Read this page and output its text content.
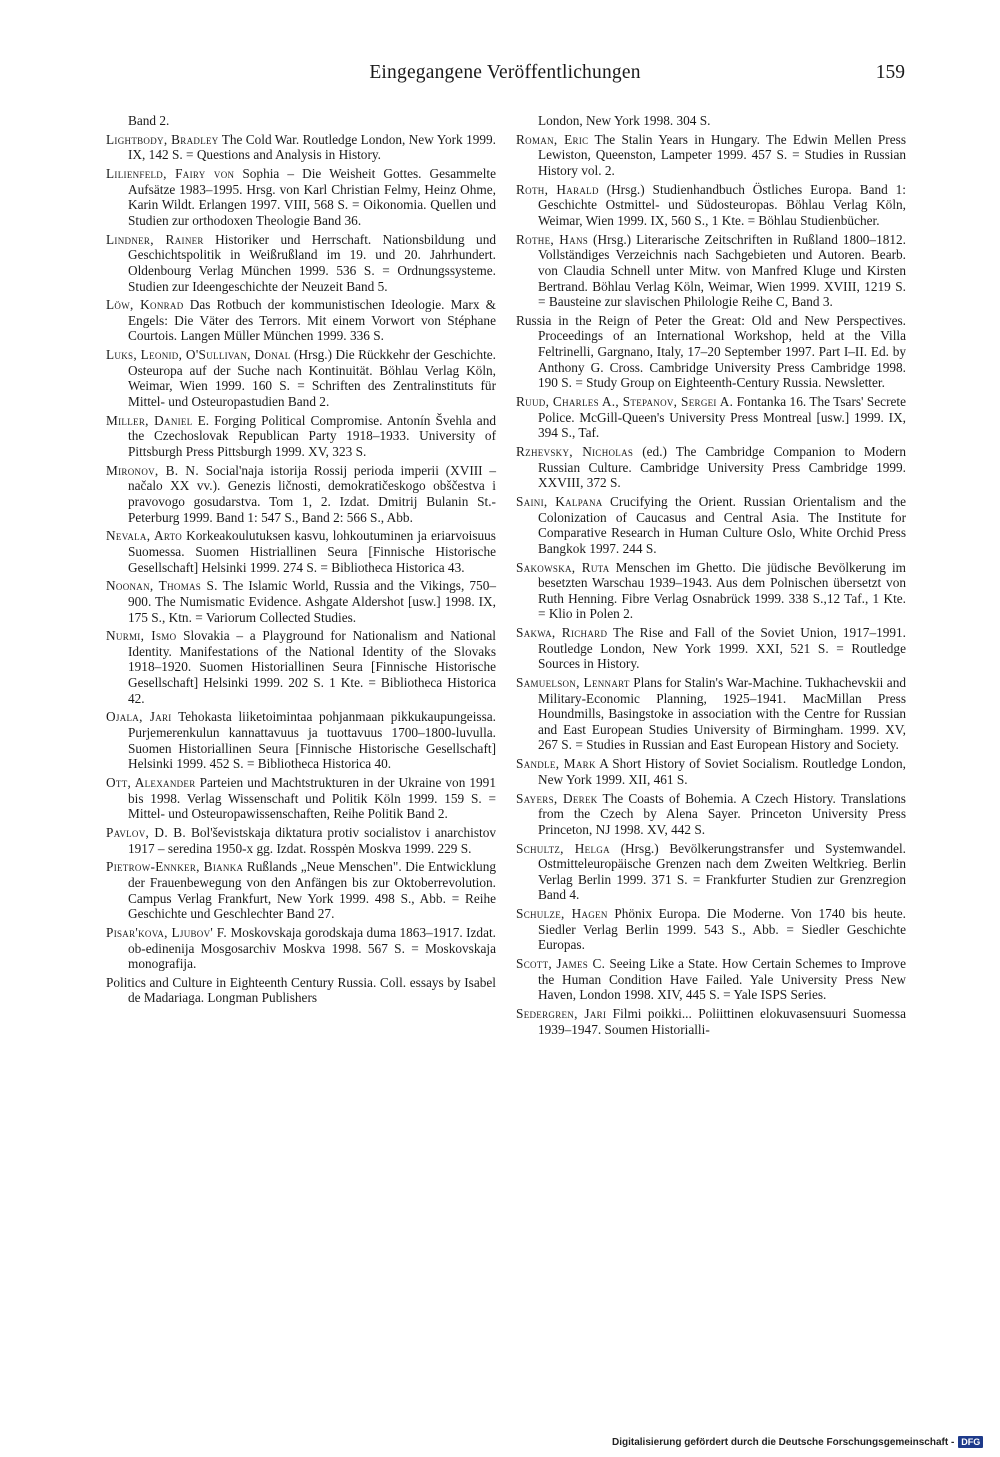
Eingegangene Veröffentlichungen	159

Band 2.

Lightbody, Bradley The Cold War. Routledge London, New York 1999. IX, 142 S. = Questions and Analysis in History.

Lilienfeld, Fairy von Sophia – Die Weisheit Gottes. Gesammelte Aufsätze 1983–1995. Hrsg. von Karl Christian Felmy, Heinz Ohme, Karin Wildt. Erlangen 1997. VIII, 568 S. = Oikonomia. Quellen und Studien zur orthodoxen Theologie Band 36.

Lindner, Rainer Historiker und Herrschaft. Nationsbildung und Geschichtspolitik in Weißrußland im 19. und 20. Jahrhundert. Oldenbourg Verlag München 1999. 536 S. = Ordnungssysteme. Studien zur Ideengeschichte der Neuzeit Band 5.

Löw, Konrad Das Rotbuch der kommunistischen Ideologie. Marx & Engels: Die Väter des Terrors. Mit einem Vorwort von Stéphane Courtois. Langen Müller München 1999. 336 S.

Luks, Leonid, O'Sullivan, Donal (Hrsg.) Die Rückkehr der Geschichte. Osteuropa auf der Suche nach Kontinuität. Böhlau Verlag Köln, Weimar, Wien 1999. 160 S. = Schriften des Zentralinstituts für Mittel- und Osteuropastudien Band 2.

Miller, Daniel E. Forging Political Compromise. Antonín Švehla and the Czechoslovak Republican Party 1918–1933. University of Pittsburgh Press Pittsburgh 1999. XV, 323 S.

Mironov, B. N. Social'naja istorija Rossij perioda imperii (XVIII – načalo XX vv.). Genezis ličnosti, demokratičeskogo obščestva i pravovogo gosudarstva. Tom 1, 2. Izdat. Dmitrij Bulanin St.-Peterburg 1999. Band 1: 547 S., Band 2: 566 S., Abb.

Nevala, Arto Korkeakoulutuksen kasvu, lohkoutuminen ja eriarvoisuus Suomessa. Suomen Histriallinen Seura [Finnische Historische Gesellschaft] Helsinki 1999. 274 S. = Bibliotheca Historica 43.

Noonan, Thomas S. The Islamic World, Russia and the Vikings, 750–900. The Numismatic Evidence. Ashgate Aldershot [usw.] 1998. IX, 175 S., Ktn. = Variorum Collected Studies.

Nurmi, Ismo Slovakia – a Playground for Nationalism and National Identity. Manifestations of the National Identity of the Slovaks 1918–1920. Suomen Historiallinen Seura [Finnische Historische Gesellschaft] Helsinki 1999. 202 S. 1 Kte. = Bibliotheca Historica 42.

Ojala, Jari Tehokasta liiketoimintaa pohjanmaan pikkukaupungeissa. Purjemerenkulun kannattavuus ja tuottavuus 1700–1800-luvulla. Suomen Historiallinen Seura [Finnische Historische Gesellschaft] Helsinki 1999. 452 S. = Bibliotheca Historica 40.

Ott, Alexander Parteien und Machtstrukturen in der Ukraine von 1991 bis 1998. Verlag Wissenschaft und Politik Köln 1999. 159 S. = Mittel- und Osteuropawissenschaften, Reihe Politik Band 2.

Pavlov, D. B. Bol'ševistskaja diktatura protiv socialistov i anarchistov 1917 – seredina 1950-x gg. Izdat. Rosspėn Moskva 1999. 229 S.

Pietrow-Ennker, Bianka Rußlands „Neue Menschen". Die Entwicklung der Frauenbewegung von den Anfängen bis zur Oktoberrevolution. Campus Verlag Frankfurt, New York 1999. 498 S., Abb. = Reihe Geschichte und Geschlechter Band 27.

Pisar'kova, Ljubov' F. Moskovskaja gorodskaja duma 1863–1917. Izdat. ob-edinenija Mosgosarchiv Moskva 1998. 567 S. = Moskovskaja monografija.

Politics and Culture in Eighteenth Century Russia. Coll. essays by Isabel de Madariaga. Longman Publishers

London, New York 1998. 304 S.

Roman, Eric The Stalin Years in Hungary. The Edwin Mellen Press Lewiston, Queenston, Lampeter 1999. 457 S. = Studies in Russian History vol. 2.

Roth, Harald (Hrsg.) Studienhandbuch Östliches Europa. Band 1: Geschichte Ostmittel- und Südosteuropas. Böhlau Verlag Köln, Weimar, Wien 1999. IX, 560 S., 1 Kte. = Böhlau Studienbücher.

Rothe, Hans (Hrsg.) Literarische Zeitschriften in Rußland 1800–1812. Vollständiges Verzeichnis nach Sachgebieten und Autoren. Bearb. von Claudia Schnell unter Mitw. von Manfred Kluge und Kirsten Bertrand. Böhlau Verlag Köln, Weimar, Wien 1999. XVIII, 1219 S. = Bausteine zur slavischen Philologie Reihe C, Band 3.

Russia in the Reign of Peter the Great: Old and New Perspectives. Proceedings of an International Workshop, held at the Villa Feltrinelli, Gargnano, Italy, 17–20 September 1997. Part I–II. Ed. by Anthony G. Cross. Cambridge University Press Cambridge 1998. 190 S. = Study Group on Eighteenth-Century Russia. Newsletter.

Ruud, Charles A., Stepanov, Sergei A. Fontanka 16. The Tsars' Secrete Police. McGill-Queen's University Press Montreal [usw.] 1999. IX, 394 S., Taf.

Rzhevsky, Nicholas (ed.) The Cambridge Companion to Modern Russian Culture. Cambridge University Press Cambridge 1999. XXVIII, 372 S.

Saini, Kalpana Crucifying the Orient. Russian Orientalism and the Colonization of Caucasus and Central Asia. The Institute for Comparative Research in Human Culture Oslo, White Orchid Press Bangkok 1997. 244 S.

Sakowska, Ruta Menschen im Ghetto. Die jüdische Bevölkerung im besetzten Warschau 1939–1943. Aus dem Polnischen übersetzt von Ruth Henning. Fibre Verlag Osnabrück 1999. 338 S.,12 Taf., 1 Kte. = Klio in Polen 2.

Sakwa, Richard The Rise and Fall of the Soviet Union, 1917–1991. Routledge London, New York 1999. XXI, 521 S. = Routledge Sources in History.

Samuelson, Lennart Plans for Stalin's War-Machine. Tukhachevskii and Military-Economic Planning, 1925–1941. MacMillan Press Houndmills, Basingstoke in association with the Centre for Russian and East European Studies University of Birmingham. 1999. XV, 267 S. = Studies in Russian and East European History and Society.

Sandle, Mark A Short History of Soviet Socialism. Routledge London, New York 1999. XII, 461 S.

Sayers, Derek The Coasts of Bohemia. A Czech History. Translations from the Czech by Alena Sayer. Princeton University Press Princeton, NJ 1998. XV, 442 S.

Schultz, Helga (Hrsg.) Bevölkerungstransfer und Systemwandel. Ostmitteleuropäische Grenzen nach dem Zweiten Weltkrieg. Berlin Verlag Berlin 1999. 371 S. = Frankfurter Studien zur Grenzregion Band 4.

Schulze, Hagen Phönix Europa. Die Moderne. Von 1740 bis heute. Siedler Verlag Berlin 1999. 543 S., Abb. = Siedler Geschichte Europas.

Scott, James C. Seeing Like a State. How Certain Schemes to Improve the Human Condition Have Failed. Yale University Press New Haven, London 1998. XIV, 445 S. = Yale ISPS Series.

Sedergren, Jari Filmi poikki... Poliittinen elokuvasensuuri Suomessa 1939–1947. Soumen Historialli-

Digitalisierung gefördert durch die Deutsche Forschungsgemeinschaft - DFG
